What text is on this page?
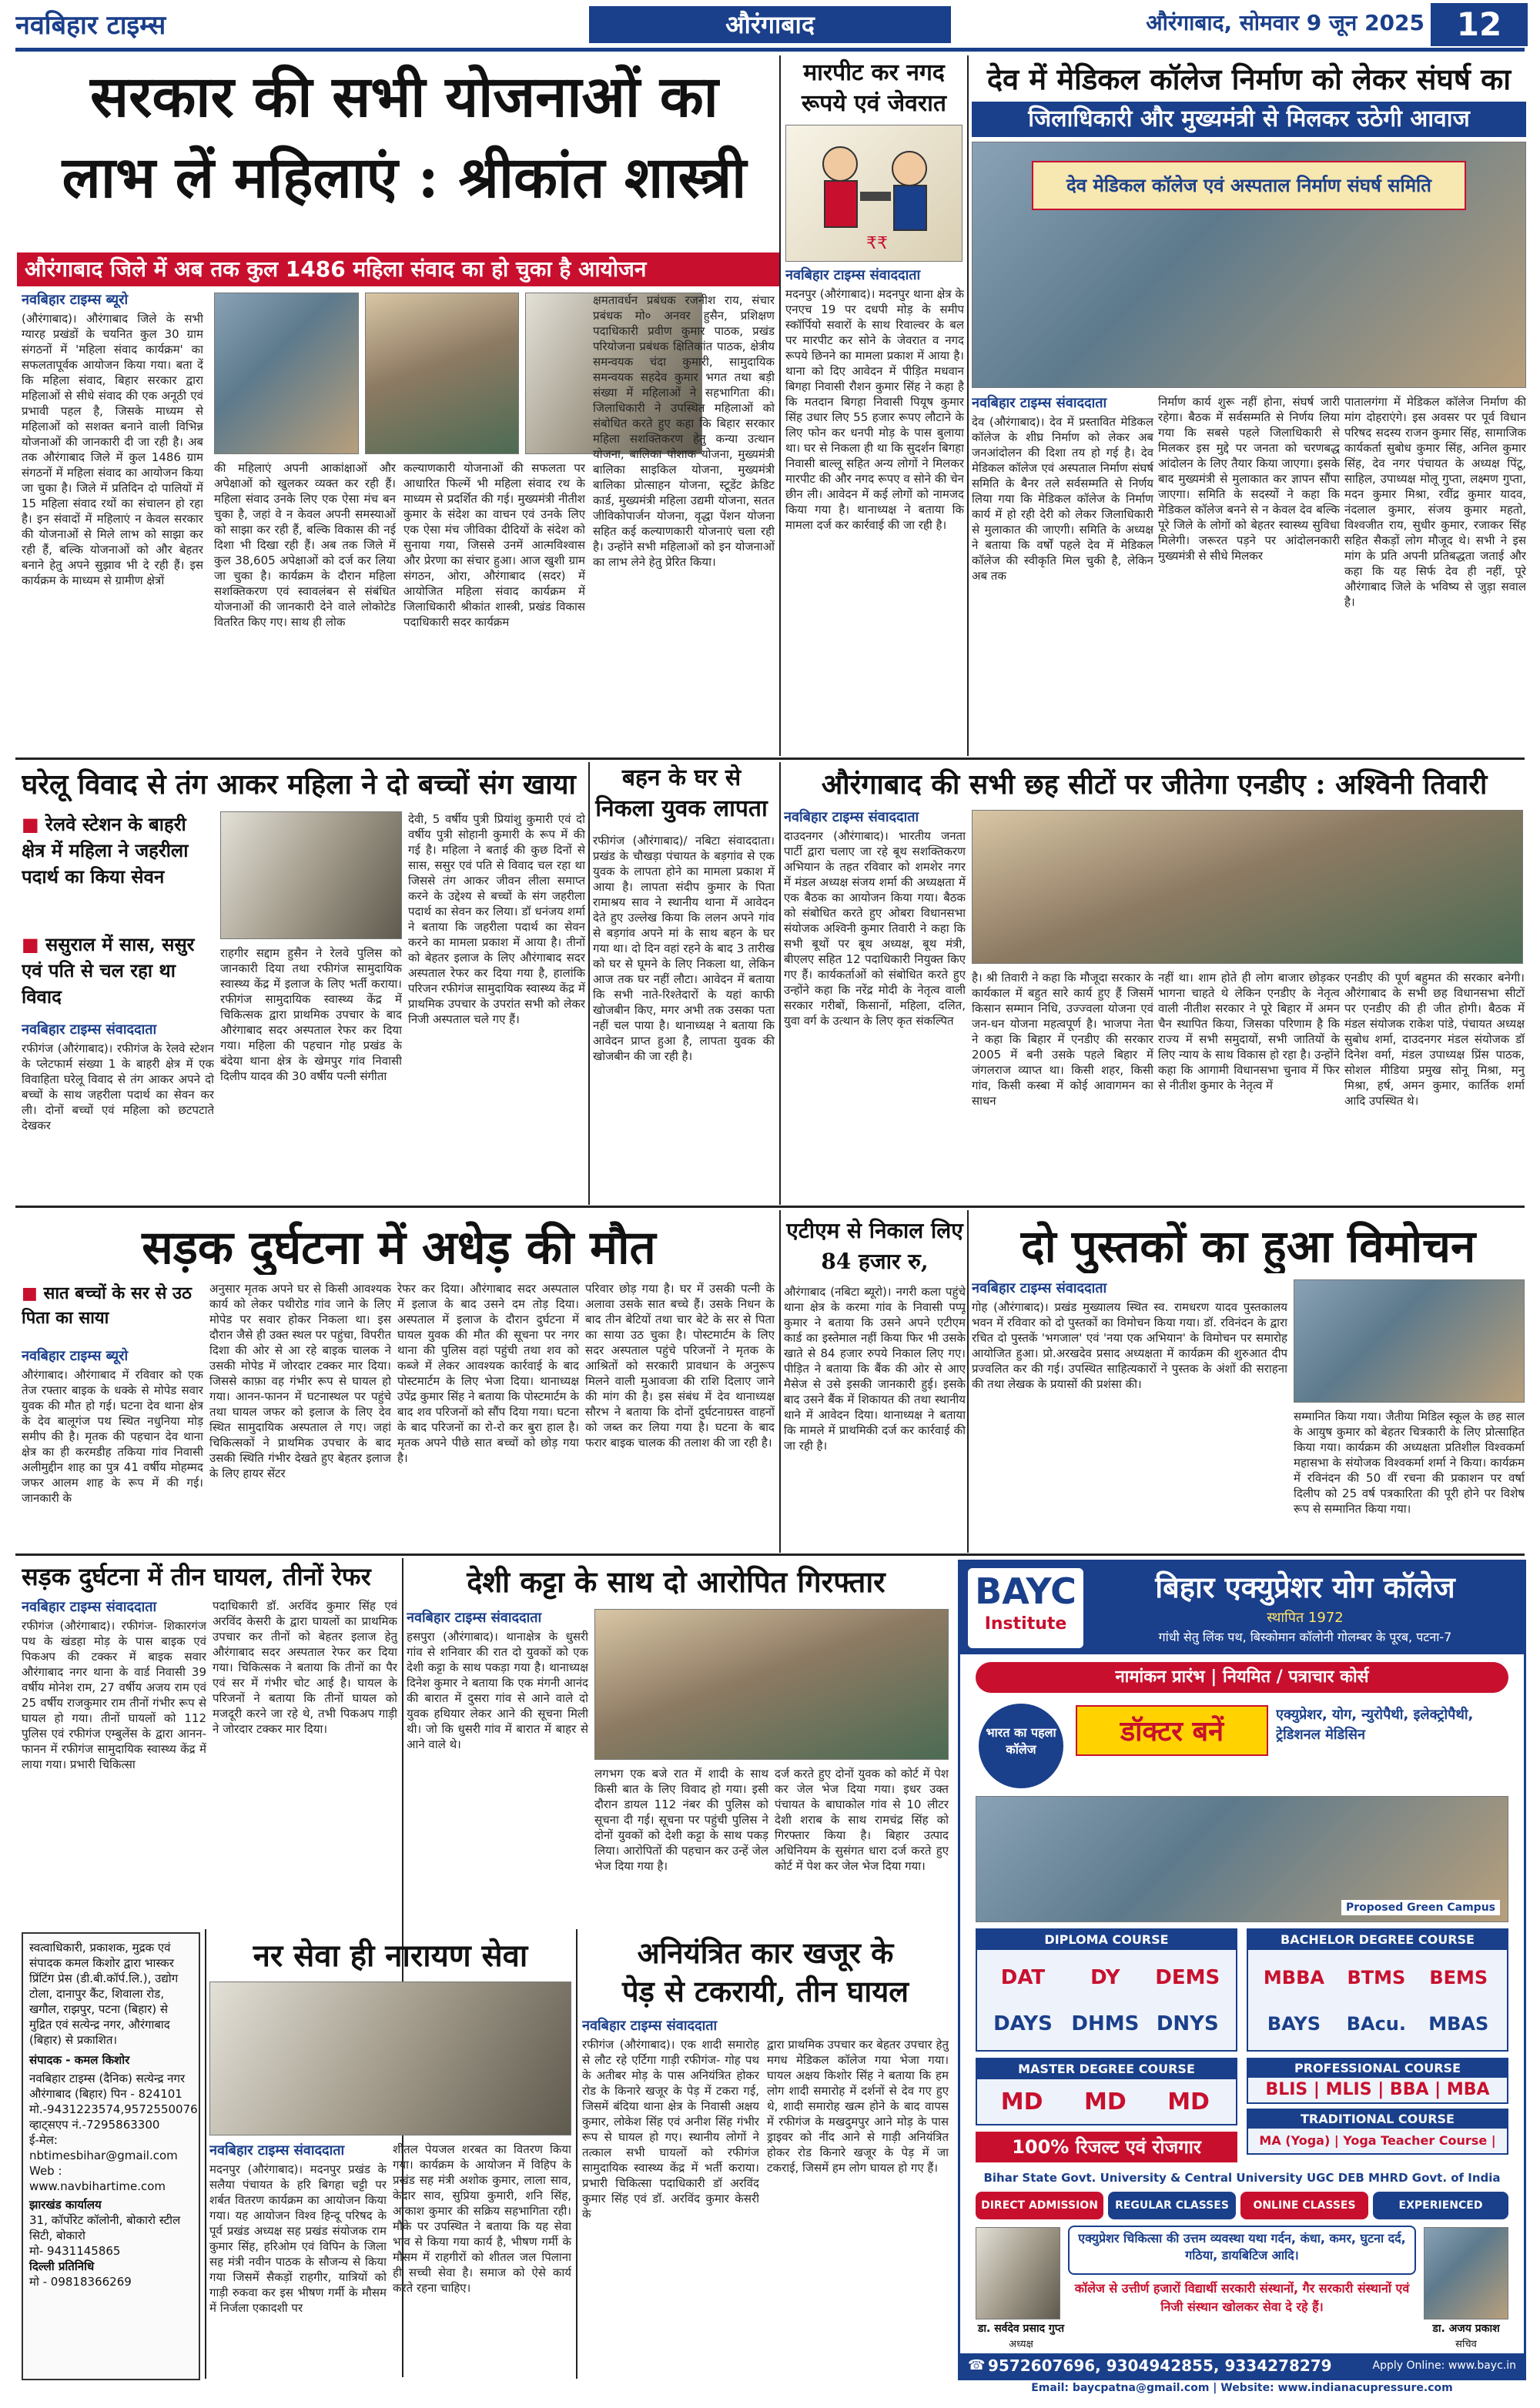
नवबिहार टाइम्स	औरंगाबाद	औरंगाबाद, सोमवार 9 जून 2025 12
सरकार की सभी योजनाओं का
लाभ लें महिलाएं : श्रीकांत शास्त्री
औरंगाबाद जिले में अब तक कुल 1486 महिला संवाद का हो चुका है आयोजन
नवबिहार टाइम्स ब्यूरो
(औरंगाबाद)। औरंगाबाद जिले के सभी ग्यारह प्रखंडों के चयनित कुल 30 ग्राम संगठनों में 'महिला संवाद कार्यक्रम' का सफलतापूर्वक आयोजन किया गया। बता दें कि महिला संवाद, बिहार सरकार द्वारा महिलाओं से सीधे संवाद की एक अनूठी एवं प्रभावी पहल है, जिसके माध्यम से महिलाओं को सशक्त बनाने वाली विभिन्न योजनाओं की जानकारी दी जा रही है। अब तक औरंगाबाद जिले में कुल 1486 ग्राम संगठनों में महिला संवाद का आयोजन किया जा चुका है। जिले में प्रतिदिन दो पालियों में 15 महिला संवाद रथों का संचालन हो रहा है। इन संवादों में महिलाएं न केवल सरकार की योजनाओं से मिले लाभ को साझा कर रही हैं, बल्कि योजनाओं को और बेहतर बनाने हेतु अपने सुझाव भी दे रही हैं। इस कार्यक्रम के माध्यम से ग्रामीण क्षेत्रों
की महिलाएं अपनी आकांक्षाओं और अपेक्षाओं को खुलकर व्यक्त कर रही हैं। महिला संवाद उनके लिए एक ऐसा मंच बन चुका है, जहां वे न केवल अपनी समस्याओं को साझा कर रही हैं, बल्कि विकास की नई दिशा भी दिखा रही हैं। अब तक जिले में कुल 38,605 अपेक्षाओं को दर्ज कर लिया जा चुका है। कार्यक्रम के दौरान महिला सशक्तिकरण एवं स्वावलंबन से संबंधित योजनाओं की जानकारी देने वाले लोकोटेड वितरित किए गए। साथ ही लोक
कल्याणकारी योजनाओं की सफलता पर आधारित फिल्में भी महिला संवाद रथ के माध्यम से प्रदर्शित की गई। मुख्यमंत्री नीतीश कुमार के संदेश का वाचन एवं उनके लिए एक ऐसा मंच जीविका दीदियों के संदेश को सुनाया गया, जिससे उनमें आत्मविश्वास और प्रेरणा का संचार हुआ। आज खुशी ग्राम संगठन, ओरा, औरंगाबाद (सदर) में आयोजित महिला संवाद कार्यक्रम में जिलाधिकारी श्रीकांत शास्त्री, प्रखंड विकास पदाधिकारी सदर कार्यक्रम
क्षमतावर्धन प्रबंधक रजनीश राय, संचार प्रबंधक मो० अनवर हुसैन, प्रशिक्षण पदाधिकारी प्रवीण कुमार पाठक, प्रखंड परियोजना प्रबंधक क्षितिकांत पाठक, क्षेत्रीय समन्वयक चंदा कुमारी, सामुदायिक समन्वयक सहदेव कुमार भगत तथा बड़ी संख्या में महिलाओं ने सहभागिता की। जिलाधिकारी ने उपस्थित महिलाओं को संबोधित करते हुए कहा कि बिहार सरकार महिला सशक्तिकरण हेतु कन्या उत्थान योजना, बालिका पोशाक योजना, मुख्यमंत्री बालिका साइकिल योजना, मुख्यमंत्री बालिका प्रोत्साहन योजना, स्टूडेंट क्रेडिट कार्ड, मुख्यमंत्री महिला उद्यमी योजना, सतत जीविकोपार्जन योजना, वृद्धा पेंशन योजना सहित कई कल्याणकारी योजनाएं चला रही है। उन्होंने सभी महिलाओं को इन योजनाओं का लाभ लेने हेतु प्रेरित किया।
मारपीट कर नगद
रूपये एवं जेवरात
₹₹
नवबिहार टाइम्स संवाददाता
मदनपुर (औरंगाबाद)। मदनपुर थाना क्षेत्र के एनएच 19 पर दधपी मोड़ के समीप स्कॉर्पियो सवारों के साथ रिवाल्वर के बल पर मारपीट कर सोने के जेवरात व नगद रूपये छिनने का मामला प्रकाश में आया है। थाना को दिए आवेदन में पीड़ित मधवान बिगहा निवासी रौशन कुमार सिंह ने कहा है कि मतदान बिगहा निवासी पियूष कुमार सिंह उधार लिए 55 हजार रूपए लौटाने के लिए फोन कर धनपी मोड़ के पास बुलाया था। घर से निकला ही था कि सुदर्शन बिगहा निवासी बाल्लू सहित अन्य लोगों ने मिलकर मारपीट की और नगद रूपए व सोने की चेन छीन ली। आवेदन में कई लोगों को नामजद किया गया है। थानाध्यक्ष ने बताया कि मामला दर्ज कर कार्रवाई की जा रही है।
देव में मेडिकल कॉलेज निर्माण को लेकर संघर्ष का
जिलाधिकारी और मुख्यमंत्री से मिलकर उठेगी आवाज
देव मेडिकल कॉलेज एवं अस्पताल निर्माण संघर्ष समिति
नवबिहार टाइम्स संवाददाता
देव (औरंगाबाद)। देव में प्रस्तावित मेडिकल कॉलेज के शीघ्र निर्माण को लेकर अब जनआंदोलन की दिशा तय हो गई है। देव मेडिकल कॉलेज एवं अस्पताल निर्माण संघर्ष समिति के बैनर तले सर्वसम्मति से निर्णय लिया गया कि मेडिकल कॉलेज के निर्माण कार्य में हो रही देरी को लेकर जिलाधिकारी से मुलाकात की जाएगी। समिति के अध्यक्ष ने बताया कि वर्षों पहले देव में मेडिकल कॉलेज की स्वीकृति मिल चुकी है, लेकिन अब तक
निर्माण कार्य शुरू नहीं होना, संघर्ष जारी रहेगा। बैठक में सर्वसम्मति से निर्णय लिया गया कि सबसे पहले जिलाधिकारी से मिलकर इस मुद्दे पर जनता को चरणबद्ध आंदोलन के लिए तैयार किया जाएगा। इसके बाद मुख्यमंत्री से मुलाकात कर ज्ञापन सौंपा जाएगा। समिति के सदस्यों ने कहा कि मेडिकल कॉलेज बनने से न केवल देव बल्कि पूरे जिले के लोगों को बेहतर स्वास्थ्य सुविधा मिलेगी। जरूरत पड़ने पर आंदोलनकारी मुख्यमंत्री से सीधे मिलकर
पातालगंगा में मेडिकल कॉलेज निर्माण की मांग दोहराएंगे। इस अवसर पर पूर्व विधान परिषद सदस्य राजन कुमार सिंह, सामाजिक कार्यकर्ता सुबोध कुमार सिंह, अनिल कुमार सिंह, देव नगर पंचायत के अध्यक्ष पिंटू, साहिल, उपाध्यक्ष मोलू गुप्ता, लक्ष्मण गुप्ता, मदन कुमार मिश्रा, रवींद्र कुमार यादव, नंदलाल कुमार, संजय कुमार महतो, विश्वजीत राय, सुधीर कुमार, रजाकर सिंह सहित सैकड़ों लोग मौजूद थे। सभी ने इस मांग के प्रति अपनी प्रतिबद्धता जताई और कहा कि यह सिर्फ देव ही नहीं, पूरे औरंगाबाद जिले के भविष्य से जुड़ा सवाल है।
घरेलू विवाद से तंग आकर महिला ने दो बच्चों संग खाया
■ रेलवे स्टेशन के बाहरी क्षेत्र में महिला ने जहरीला पदार्थ का किया सेवन
■ ससुराल में सास, ससुर एवं पति से चल रहा था विवाद
नवबिहार टाइम्स संवाददाता
रफीगंज (औरंगाबाद)। रफीगंज के रेलवे स्टेशन के प्लेटफार्म संख्या 1 के बाहरी क्षेत्र में एक विवाहिता घरेलू विवाद से तंग आकर अपने दो बच्चों के साथ जहरीला पदार्थ का सेवन कर ली। दोनों बच्चों एवं महिला को छटपटाते देखकर
राहगीर सद्दाम हुसैन ने रेलवे पुलिस को जानकारी दिया तथा रफीगंज सामुदायिक स्वास्थ्य केंद्र में इलाज के लिए भर्ती कराया। रफीगंज सामुदायिक स्वास्थ्य केंद्र में चिकित्सक द्वारा प्राथमिक उपचार के बाद औरंगाबाद सदर अस्पताल रेफर कर दिया गया। महिला की पहचान गोह प्रखंड के बंदेया थाना क्षेत्र के खेमपुर गांव निवासी दिलीप यादव की 30 वर्षीय पत्नी संगीता
देवी, 5 वर्षीय पुत्री प्रियांशु कुमारी एवं दो वर्षीय पुत्री सोहानी कुमारी के रूप में की गई है। महिला ने बताई की कुछ दिनों से सास, ससुर एवं पति से विवाद चल रहा था जिससे तंग आकर जीवन लीला समाप्त करने के उद्देश्य से बच्चों के संग जहरीला पदार्थ का सेवन कर लिया। डॉ धनंजय शर्मा ने बताया कि जहरीला पदार्थ का सेवन करने का मामला प्रकाश में आया है। तीनों को बेहतर इलाज के लिए औरंगाबाद सदर अस्पताल रेफर कर दिया गया है, हालांकि परिजन रफीगंज सामुदायिक स्वास्थ्य केंद्र में प्राथमिक उपचार के उपरांत सभी को लेकर निजी अस्पताल चले गए हैं।
बहन के घर से
निकला युवक लापता
रफीगंज (औरंगाबाद)/ नबिटा संवाददाता। प्रखंड के चौखड़ा पंचायत के बड़गांव से एक युवक के लापता होने का मामला प्रकाश में आया है। लापता संदीप कुमार के पिता रामाश्रय साव ने स्थानीय थाना में आवेदन देते हुए उल्लेख किया कि ललन अपने गांव से बड़गांव अपने मां के साथ बहन के घर गया था। दो दिन वहां रहने के बाद 3 तारीख को घर से घूमने के लिए निकला था, लेकिन आज तक घर नहीं लौटा। आवेदन में बताया कि सभी नाते-रिश्तेदारों के यहां काफी खोजबीन किए, मगर अभी तक उसका पता नहीं चल पाया है। थानाध्यक्ष ने बताया कि आवेदन प्राप्त हुआ है, लापता युवक की खोजबीन की जा रही है।
औरंगाबाद की सभी छह सीटों पर जीतेगा एनडीए : अश्विनी तिवारी
नवबिहार टाइम्स संवाददाता
दाउदनगर (औरंगाबाद)। भारतीय जनता पार्टी द्वारा चलाए जा रहे बूथ सशक्तिकरण अभियान के तहत रविवार को शमशेर नगर में मंडल अध्यक्ष संजय शर्मा की अध्यक्षता में एक बैठक का आयोजन किया गया। बैठक को संबोधित करते हुए ओबरा विधानसभा संयोजक अश्विनी कुमार तिवारी ने कहा कि सभी बूथों पर बूथ अध्यक्ष, बूथ मंत्री, बीएलए सहित 12 पदाधिकारी नियुक्त किए गए हैं। कार्यकर्ताओं को संबोधित करते हुए उन्होंने कहा कि नरेंद्र मोदी के नेतृत्व वाली सरकार गरीबों, किसानों, महिला, दलित, युवा वर्ग के उत्थान के लिए कृत संकल्पित
है। श्री तिवारी ने कहा कि मौजूदा सरकार के कार्यकाल में बहुत सारे कार्य हुए हैं जिसमें किसान सम्मान निधि, उज्ज्वला योजना एवं जन-धन योजना महत्वपूर्ण है। भाजपा नेता ने कहा कि बिहार में एनडीए की सरकार 2005 में बनी उसके पहले बिहार में जंगलराज व्याप्त था। किसी शहर, किसी गांव, किसी कस्बा में कोई आवागमन का साधन
नहीं था। शाम होते ही लोग बाजार छोड़कर भागना चाहते थे लेकिन एनडीए के नेतृत्व वाली नीतीश सरकार ने पूरे बिहार में अमन चैन स्थापित किया, जिसका परिणाम है कि राज्य में सभी समुदायों, सभी जातियों के लिए न्याय के साथ विकास हो रहा है। उन्होंने कहा कि आगामी विधानसभा चुनाव में फिर से नीतीश कुमार के नेतृत्व में
एनडीए की पूर्ण बहुमत की सरकार बनेगी। औरंगाबाद के सभी छह विधानसभा सीटों पर एनडीए की ही जीत होगी। बैठक में मंडल संयोजक राकेश पांडे, पंचायत अध्यक्ष सुबोध शर्मा, दाउदनगर मंडल संयोजक डॉ दिनेश वर्मा, मंडल उपाध्यक्ष प्रिंस पाठक, सोशल मीडिया प्रमुख सोनू मिश्रा, मनु मिश्रा, हर्ष, अमन कुमार, कार्तिक शर्मा आदि उपस्थित थे।
सड़क दुर्घटना में अधेड़ की मौत
■ सात बच्चों के सर से उठ पिता का साया
नवबिहार टाइम्स ब्यूरो
औरंगाबाद। औरंगाबाद में रविवार को एक तेज रफ्तार बाइक के धक्के से मोपेड सवार युवक की मौत हो गई। घटना देव थाना क्षेत्र के देव बालूगंज पथ स्थित नधुनिया मोड़ समीप की है। मृतक की पहचान देव थाना क्षेत्र का ही करमडीह तकिया गांव निवासी अलीमुद्दीन शाह का पुत्र 41 वर्षीय मोहम्मद जफर आलम शाह के रूप में की गई। जानकारी के
अनुसार मृतक अपने घर से किसी आवश्यक कार्य को लेकर पथीरोड गांव जाने के लिए मोपेड पर सवार होकर निकला था। इस दौरान जैसे ही उक्त स्थल पर पहुंचा, विपरीत दिशा की ओर से आ रहे बाइक चालक ने उसकी मोपेड में जोरदार टक्कर मार दिया। जिससे काफ़ा वह गंभीर रूप से घायल हो गया। आनन-फानन में घटनास्थल पर पहुंचे तथा घायल जफर को इलाज के लिए देव स्थित सामुदायिक अस्पताल ले गए। जहां चिकित्सकों ने प्राथमिक उपचार के बाद उसकी स्थिति गंभीर देखते हुए बेहतर इलाज के लिए हायर सेंटर
रेफर कर दिया। औरंगाबाद सदर अस्पताल में इलाज के बाद उसने दम तोड़ दिया। अस्पताल में इलाज के दौरान दुर्घटना में घायल युवक की मौत की सूचना पर नगर थाना की पुलिस वहां पहुंची तथा शव को कब्जे में लेकर आवश्यक कार्रवाई के बाद पोस्टमार्टम के लिए भेजा दिया। थानाध्यक्ष उपेंद्र कुमार सिंह ने बताया कि पोस्टमार्टम के बाद शव परिजनों को सौंप दिया गया। घटना के बाद परिजनों का रो-रो कर बुरा हाल है। मृतक अपने पीछे सात बच्चों को छोड़ गया है।
परिवार छोड़ गया है। घर में उसकी पत्नी के अलावा उसके सात बच्चे हैं। उसके निधन के बाद तीन बेटियों तथा चार बेटे के सर से पिता का साया उठ चुका है। पोस्टमार्टम के लिए सदर अस्पताल पहुंचे परिजनों ने मृतक के आश्रितों को सरकारी प्रावधान के अनुरूप मिलने वाली मुआवजा की राशि दिलाए जाने की मांग की है। इस संबंध में देव थानाध्यक्ष सौरभ ने बताया कि दोनों दुर्घटनाग्रस्त वाहनों को जब्त कर लिया गया है। घटना के बाद फरार बाइक चालक की तलाश की जा रही है।
एटीएम से निकाल लिए
84 हजार रु,
औरंगाबाद (नबिटा ब्यूरो)। नगरी कला पहुंचे थाना क्षेत्र के करमा गांव के निवासी पप्पू कुमार ने बताया कि उसने अपने एटीएम कार्ड का इस्तेमाल नहीं किया फिर भी उसके खाते से 84 हजार रुपये निकाल लिए गए। पीड़ित ने बताया कि बैंक की ओर से आए मैसेज से उसे इसकी जानकारी हुई। इसके बाद उसने बैंक में शिकायत की तथा स्थानीय थाने में आवेदन दिया। थानाध्यक्ष ने बताया कि मामले में प्राथमिकी दर्ज कर कार्रवाई की जा रही है।
दो पुस्तकों का हुआ विमोचन
नवबिहार टाइम्स संवाददाता
गोह (औरंगाबाद)। प्रखंड मुख्यालय स्थित स्व. रामधरण यादव पुस्तकालय भवन में रविवार को दो पुस्तकों का विमोचन किया गया। डॉ. रविनंदन के द्वारा रचित दो पुस्तकें 'भगजाल' एवं 'नया एक अभियान' के विमोचन पर समारोह आयोजित हुआ। प्रो.अरखदेव प्रसाद अध्यक्षता में कार्यक्रम की शुरुआत दीप प्रज्वलित कर की गई। उपस्थित साहित्यकारों ने पुस्तक के अंशों की सराहना की तथा लेखक के प्रयासों की प्रशंसा की।
सम्मानित किया गया। जैतीया मिडिल स्कूल के छह साल के आयुष कुमार को बेहतर चित्रकारी के लिए प्रोत्साहित किया गया। कार्यक्रम की अध्यक्षता प्रतिशील विश्वकर्मा महासभा के संयोजक विश्वकर्मा शर्मा ने किया। कार्यक्रम में रविनंदन की 50 वीं रचना की प्रकाशन पर वर्षा दिलीप को 25 वर्ष पत्रकारिता की पूरी होने पर विशेष रूप से सम्मानित किया गया।
सड़क दुर्घटना में तीन घायल, तीनों रेफर
नवबिहार टाइम्स संवाददाता
रफीगंज (औरंगाबाद)। रफीगंज- शिकारगंज पथ के खंडहा मोड़ के पास बाइक एवं पिकअप की टक्कर में बाइक सवार औरंगाबाद नगर थाना के वार्ड निवासी 39 वर्षीय मोनेश राम, 27 वर्षीय अजय राम एवं 25 वर्षीय राजकुमार राम तीनों गंभीर रूप से घायल हो गया। तीनों घायलों को 112 पुलिस एवं रफीगंज एम्बुलेंस के द्वारा आनन-फानन में रफीगंज सामुदायिक स्वास्थ्य केंद्र में लाया गया। प्रभारी चिकित्सा
पदाधिकारी डॉ. अरविंद कुमार सिंह एवं अरविंद केसरी के द्वारा घायलों का प्राथमिक उपचार कर तीनों को बेहतर इलाज हेतु औरंगाबाद सदर अस्पताल रेफर कर दिया गया। चिकित्सक ने बताया कि तीनों का पैर एवं सर में गंभीर चोट आई है। घायल के परिजनों ने बताया कि तीनों घायल को मजदूरी करने जा रहे थे, तभी पिकअप गाड़ी ने जोरदार टक्कर मार दिया।
देशी कट्टा के साथ दो आरोपित गिरफ्तार
नवबिहार टाइम्स संवाददाता
हसपुरा (औरंगाबाद)। थानाक्षेत्र के धुसरी गांव से शनिवार की रात दो युवकों को एक देशी कट्टा के साथ पकड़ा गया है। थानाध्यक्ष दिनेश कुमार ने बताया कि एक मंगनी आनंद की बारात में दुसरा गांव से आने वाले दो युवक हथियार लेकर आने की सूचना मिली थी। जो कि धुसरी गांव में बारात में बाहर से आने वाले थे।
लगभग एक बजे रात में शादी के साथ किसी बात के लिए विवाद हो गया। इसी दौरान डायल 112 नंबर की पुलिस को सूचना दी गई। सूचना पर पहुंची पुलिस ने दोनों युवकों को देशी कट्टा के साथ पकड़ लिया। आरोपितों की पहचान कर उन्हें जेल भेज दिया गया है।
दर्ज करते हुए दोनों युवक को कोर्ट में पेश कर जेल भेज दिया गया। इधर उक्त पंचायत के बाघाकोल गांव से 10 लीटर देशी शराब के साथ रामचंद्र सिंह को गिरफ्तार किया है। बिहार उत्पाद अधिनियम के सुसंगत धारा दर्ज करते हुए कोर्ट में पेश कर जेल भेज दिया गया।
स्वत्वाधिकारी, प्रकाशक, मुद्रक एवं संपादक कमल किशोर द्वारा भास्कर प्रिंटिंग प्रेस (डी.बी.कॉर्प.लि.), उद्योग टोला, दानापुर कैंट, शिवाला रोड, खगौल, राझपुर, पटना (बिहार) से मुद्रित एवं सत्येन्द्र नगर, औरंगाबाद (बिहार) से प्रकाशित।
संपादक - कमल किशोर
नवबिहार टाइम्स (दैनिक) सत्येन्द्र नगर औरंगाबाद (बिहार) पिन - 824101
मो.-9431223574,9572550076
व्हाट्सएप नं.-7295863300
ई-मेल: nbtimesbihar@gmail.com
Web : www.navbihartime.com
झारखंड कार्यालय
31, कॉर्पोरेट कॉलोनी, बोकारो स्टील सिटी, बोकारो
मो- 9431145865
दिल्ली प्रतिनिधि
मो - 09818366269
नर सेवा ही नारायण सेवा
नवबिहार टाइम्स संवाददाता
मदनपुर (औरंगाबाद)। मदनपुर प्रखंड के सलैया पंचायत के हरि बिगहा चट्टी पर शर्बत वितरण कार्यक्रम का आयोजन किया गया। यह आयोजन विश्व हिन्दू परिषद के पूर्व प्रखंड अध्यक्ष सह प्रखंड संयोजक राम कुमार सिंह, हरिओम एवं विपिन के जिला सह मंत्री नवीन पाठक के सौजन्य से किया गया जिसमें सैकड़ों राहगीर, यात्रियों को गाड़ी रुकवा कर इस भीषण गर्मी के मौसम में निर्जला एकादशी पर
शीतल पेयजल शरबत का वितरण किया गया। कार्यक्रम के आयोजन में विहिप के प्रखंड सह मंत्री अशोक कुमार, लाला साव, केदार साव, सुप्रिया कुमारी, शनि सिंह, आकाश कुमार की सक्रिय सहभागिता रही। मौके पर उपस्थित ने बताया कि यह सेवा भाव से किया गया कार्य है, भीषण गर्मी के मौसम में राहगीरों को शीतल जल पिलाना ही सच्ची सेवा है। समाज को ऐसे कार्य करते रहना चाहिए।
अनियंत्रित कार खजूर के
पेड़ से टकरायी, तीन घायल
नवबिहार टाइम्स संवाददाता
रफीगंज (औरंगाबाद)। एक शादी समारोह से लौट रहे एर्टिगा गाड़ी रफीगंज- गोह पथ के अतीबर मोड़ के पास अनियंत्रित होकर रोड के किनारे खजूर के पेड़ में टकरा गई, जिसमें बंदिया थाना क्षेत्र के निवासी अक्षय कुमार, लोकेश सिंह एवं अनीश सिंह गंभीर रूप से घायल हो गए। स्थानीय लोगों ने तत्काल सभी घायलों को रफीगंज सामुदायिक स्वास्थ्य केंद्र में भर्ती कराया। प्रभारी चिकित्सा पदाधिकारी डॉ अरविंद कुमार सिंह एवं डॉ. अरविंद कुमार केसरी के
द्वारा प्राथमिक उपचार कर बेहतर उपचार हेतु मगध मेडिकल कॉलेज गया भेजा गया। घायल अक्षय किशोर सिंह ने बताया कि हम लोग शादी समारोह में दर्शनों से देव गए हुए थे, शादी समारोह खत्म होने के बाद वापस में रफीगंज के मखदुमपुर आने मोड़ के पास ड्राइवर को नींद आने से गाड़ी अनियंत्रित होकर रोड किनारे खजूर के पेड़ में जा टकराई, जिसमें हम लोग घायल हो गए हैं।
BAYC
Institute
बिहार एक्युप्रेशर योग कॉलेज
स्थापित 1972
गांधी सेतु लिंक पथ, बिस्कोमान कॉलोनी गोलम्बर के पूरब, पटना-7
नामांकन प्रारंभ | नियमित / पत्राचार कोर्स
भारत का पहला कॉलेज
डॉक्टर बनें
एक्युप्रेशर, योग, न्युरोपैथी, इलेक्ट्रोपैथी, ट्रेडिशनल मेडिसिन
Proposed Green Campus
DIPLOMA COURSE
DAT	DY	DEMS
DAYS DHMS DNYS
BACHELOR DEGREE COURSE
MBBA	BTMS	BEMS
BAYS	BAcu.	MBAS
MASTER DEGREE COURSE
MD	MD	MD
PROFESSIONAL COURSE
BLIS | MLIS | BBA | MBA
TRADITIONAL COURSE
MA (Yoga) | Yoga Teacher Course |
100% रिजल्ट एवं रोजगार
Bihar State Govt. University & Central University UGC DEB MHRD Govt. of India
DIRECT ADMISSION	REGULAR CLASSES	ONLINE CLASSES	EXPERIENCED
एक्युप्रेशर चिकित्सा की उत्तम व्यवस्था यथा गर्दन, कंधा, कमर, घुटना दर्द, गठिया, डायबिटिज आदि।
कॉलेज से उत्तीर्ण हजारों विद्यार्थी सरकारी संस्थानों, गैर सरकारी संस्थानों एवं निजी संस्थान खोलकर सेवा दे रहे हैं।
डा. सर्वदेव प्रसाद गुप्त
अध्यक्ष
डा. अजय प्रकाश
सचिव
☎ 9572607696, 9304942855, 9334278279	Apply Online: www.bayc.in
Email: baycpatna@gmail.com | Website: www.indianacupressure.com
